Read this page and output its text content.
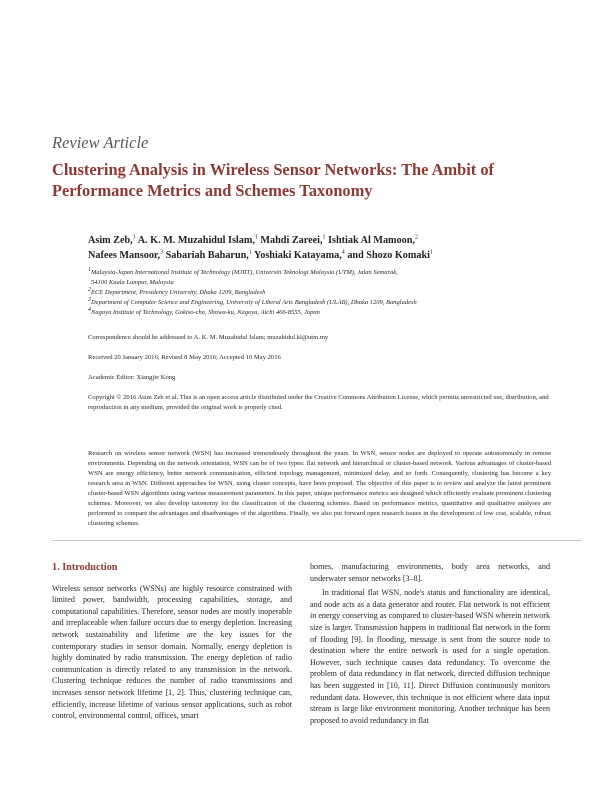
Review Article
Clustering Analysis in Wireless Sensor Networks: The Ambit of Performance Metrics and Schemes Taxonomy
Asim Zeb,$^1$ A. K. M. Muzahidul Islam,$^1$ Mahdi Zareei,$^1$ Ishtiak Al Mamoon,$^2$
Nafees Mansoor,$^3$ Sabariah Baharun,$^1$ Yoshiaki Katayama,$^4$ and Shozo Komaki$^1$
$^1$Malaysia-Japan International Institute of Technology (MJIIT), Universiti Teknologi Malaysia (UTM), Jalan Semarak,
54100 Kuala Lumpur, Malaysia
$^2$ECE Department, Presidency University, Dhaka 1209, Bangladesh
$^3$Department of Computer Science and Engineering, University of Liberal Arts Bangladesh (ULAB), Dhaka 1209, Bangladesh
$^4$Nagoya Institute of Technology, Gokiso-cho, Showa-ku, Nagoya, Aichi 466-8555, Japan
Correspondence should be addressed to A. K. M. Muzahidul Islam; muzahidul.kl@utm.my
Received 20 January 2016; Revised 8 May 2016; Accepted 10 May 2016
Academic Editor: Xiangjie Kong
Copyright © 2016 Asim Zeb et al. This is an open access article distributed under the Creative Commons Attribution License, which permits unrestricted use, distribution, and reproduction in any medium, provided the original work is properly cited.
Research on wireless sensor network (WSN) has increased tremendously throughout the years. In WSN, sensor nodes are deployed to operate autonomously in remote environments. Depending on the network orientation, WSN can be of two types: flat network and hierarchical or cluster-based network. Various advantages of cluster-based WSN are energy efficiency, better network communication, efficient topology management, minimized delay, and so forth. Consequently, clustering has become a key research area in WSN. Different approaches for WSN, using cluster concepts, have been proposed. The objective of this paper is to review and analyze the latest prominent cluster-based WSN algorithms using various measurement parameters. In this paper, unique performance metrics are designed which efficiently evaluate prominent clustering schemes. Moreover, we also develop taxonomy for the classification of the clustering schemes. Based on performance metrics, quantitative and qualitative analyses are performed to compare the advantages and disadvantages of the algorithms. Finally, we also put forward open research issues in the development of low cost, scalable, robust clustering schemes.
1. Introduction

Wireless sensor networks (WSNs) are highly resource constrained with limited power, bandwidth, processing capabilities, storage, and computational capabilities. Therefore, sensor nodes are mostly inoperable and irreplaceable when failure occurs due to energy depletion. Increasing network sustainability and lifetime are the key issues for the contemporary studies in sensor domain. Normally, energy depletion is highly dominated by radio transmission. The energy depletion of radio communication is directly related to any transmission in the network. Clustering technique reduces the number of radio transmissions and increases sensor network lifetime [1, 2]. Thus, clustering technique can, efficiently, increase lifetime of various sensor applications, such as robot control, environmental control, offices, smart

homes, manufacturing environments, body area networks, and underwater sensor networks [3–8].

In traditional flat WSN, node's status and functionality are identical, and node acts as a data generator and router. Flat network is not efficient in energy conserving as compared to cluster-based WSN wherein network size is larger. Transmission happens in traditional flat network in the form of flooding [9]. In flooding, message is sent from the source node to destination where the entire network is used for a single operation. However, such technique causes data redundancy. To overcome the problem of data redundancy in flat network, directed diffusion technique has been suggested in [10, 11]. Direct Diffusion continuously monitors redundant data. However, this technique is not efficient where data input stream is large like environment monitoring. Another technique has been proposed to avoid redundancy in flat
